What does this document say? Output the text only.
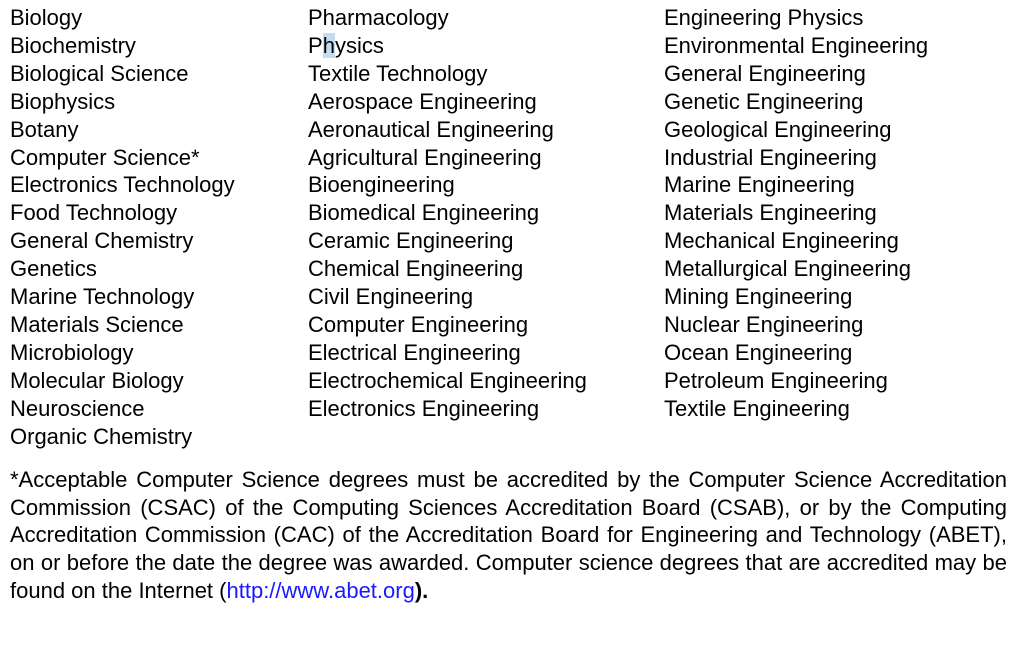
Biology
Biochemistry
Biological Science
Biophysics
Botany
Computer Science*
Electronics Technology
Food Technology
General Chemistry
Genetics
Marine Technology
Materials Science
Microbiology
Molecular Biology
Neuroscience
Organic Chemistry
Pharmacology
Physics
Textile Technology
Aerospace Engineering
Aeronautical Engineering
Agricultural Engineering
Bioengineering
Biomedical Engineering
Ceramic Engineering
Chemical Engineering
Civil Engineering
Computer Engineering
Electrical Engineering
Electrochemical Engineering
Electronics Engineering
Engineering Physics
Environmental Engineering
General Engineering
Genetic Engineering
Geological Engineering
Industrial Engineering
Marine Engineering
Materials Engineering
Mechanical Engineering
Metallurgical Engineering
Mining Engineering
Nuclear Engineering
Ocean Engineering
Petroleum Engineering
Textile Engineering

*Acceptable Computer Science degrees must be accredited by the Computer Science Accreditation Commission (CSAC) of the Computing Sciences Accreditation Board (CSAB), or by the Computing Accreditation Commission (CAC) of the Accreditation Board for Engineering and Technology (ABET), on or before the date the degree was awarded. Computer science degrees that are accredited may be found on the Internet (http://www.abet.org).
